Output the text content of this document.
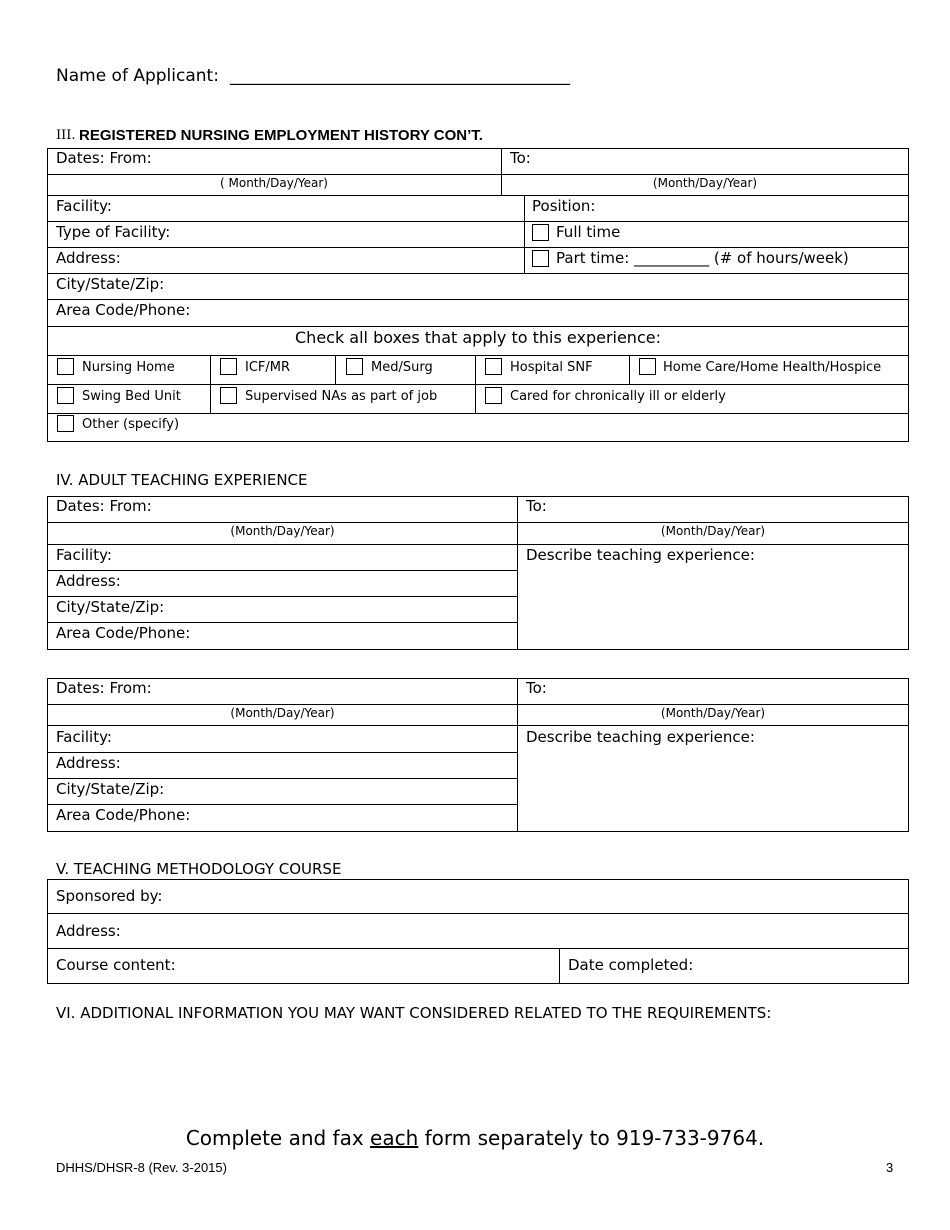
Name of Applicant: ________________________________________
III. REGISTERED NURSING EMPLOYMENT HISTORY CON’T.
Dates: From:	To:
( Month/Day/Year)	(Month/Day/Year)
Facility:	Position:
Type of Facility:	Full time
Address:	Part time: __________ (# of hours/week)
City/State/Zip:
Area Code/Phone:
Check all boxes that apply to this experience:
Nursing Home	ICF/MR	Med/Surg	Hospital SNF	Home Care/Home Health/Hospice
Swing Bed Unit	Supervised NAs as part of job	Cared for chronically ill or elderly
Other (specify)
IV. ADULT TEACHING EXPERIENCE
Dates: From:	To:
(Month/Day/Year)	(Month/Day/Year)
Facility:	Describe teaching experience:
Address:
City/State/Zip:
Area Code/Phone:
Dates: From:	To:
(Month/Day/Year)	(Month/Day/Year)
Facility:	Describe teaching experience:
Address:
City/State/Zip:
Area Code/Phone:
V. TEACHING METHODOLOGY COURSE
Sponsored by:
Address:
Course content:	Date completed:
VI. ADDITIONAL INFORMATION YOU MAY WANT CONSIDERED RELATED TO THE REQUIREMENTS:
Complete and fax each form separately to 919-733-9764.
DHHS/DHSR-8 (Rev. 3-2015)	3
